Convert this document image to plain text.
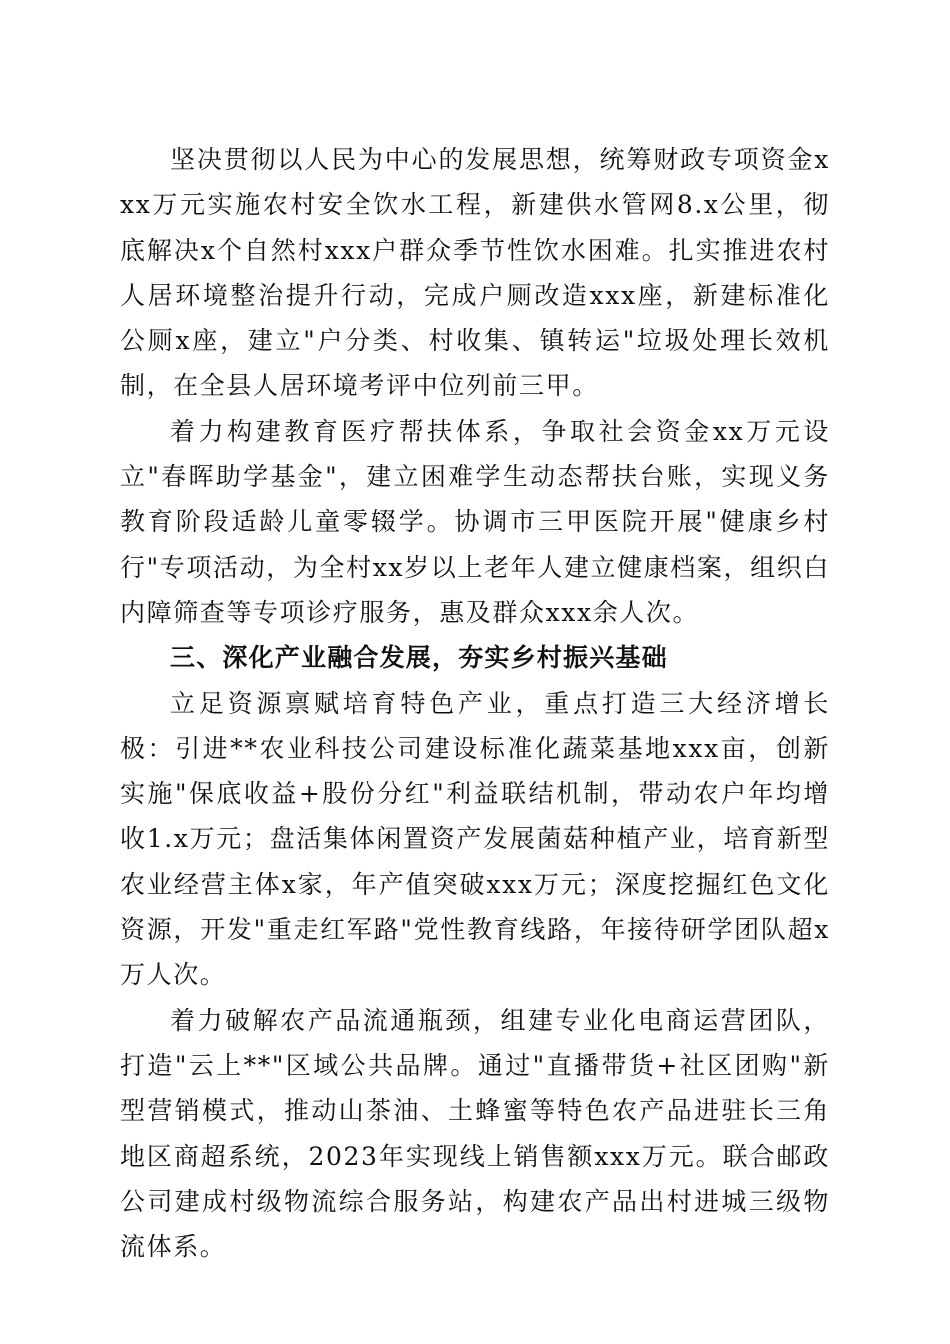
坚决贯彻以人民为中心的发展思想，统筹财政专项资金xxx万元实施农村安全饮水工程，新建供水管网8.x公里，彻底解决x个自然村xxx户群众季节性饮水困难。扎实推进农村人居环境整治提升行动，完成户厕改造xxx座，新建标准化公厕x座，建立"户分类、村收集、镇转运"垃圾处理长效机制，在全县人居环境考评中位列前三甲。

着力构建教育医疗帮扶体系，争取社会资金xx万元设立"春晖助学基金"，建立困难学生动态帮扶台账，实现义务教育阶段适龄儿童零辍学。协调市三甲医院开展"健康乡村行"专项活动，为全村xx岁以上老年人建立健康档案，组织白内障筛查等专项诊疗服务，惠及群众xxx余人次。

三、深化产业融合发展，夯实乡村振兴基础

立足资源禀赋培育特色产业，重点打造三大经济增长极：引进**农业科技公司建设标准化蔬菜基地xxx亩，创新实施"保底收益+股份分红"利益联结机制，带动农户年均增收1.x万元；盘活集体闲置资产发展菌菇种植产业，培育新型农业经营主体x家，年产值突破xxx万元；深度挖掘红色文化资源，开发"重走红军路"党性教育线路，年接待研学团队超x万人次。

着力破解农产品流通瓶颈，组建专业化电商运营团队，打造"云上**"区域公共品牌。通过"直播带货+社区团购"新型营销模式，推动山茶油、土蜂蜜等特色农产品进驻长三角地区商超系统，2023年实现线上销售额xxx万元。联合邮政公司建成村级物流综合服务站，构建农产品出村进城三级物流体系。
